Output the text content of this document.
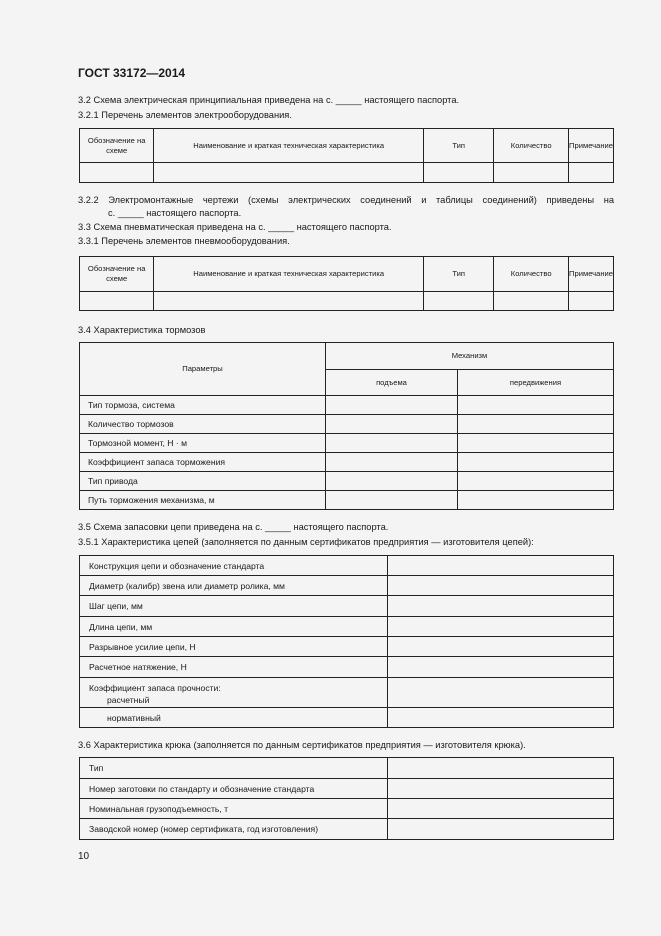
ГОСТ 33172—2014
3.2 Схема электрическая принципиальная приведена на с. _____ настоящего паспорта.
3.2.1 Перечень элементов электрооборудования.
Обозначение на схеме	Наименование и краткая техническая характеристика	Тип	Количество	Примечание

3.2.2 Электромонтажные чертежи (схемы электрических соединений и таблицы соединений) приведены на
с. _____ настоящего паспорта.
3.3 Схема пневматическая приведена на с. _____ настоящего паспорта.
3.3.1 Перечень элементов пневмооборудования.
Обозначение на схеме	Наименование и краткая техническая характеристика	Тип	Количество	Примечание

3.4 Характеристика тормозов
Параметры	Механизм	
	подъема	передвижения
Тип тормоза, система		
Количество тормозов		
Тормозной момент, Н · м		
Коэффициент запаса торможения		
Тип привода		
Путь торможения механизма, м		
3.5 Схема запасовки цепи приведена на с. _____ настоящего паспорта.
3.5.1 Характеристика цепей (заполняется по данным сертификатов предприятия — изготовителя цепей):
Конструкция цепи и обозначение стандарта	
Диаметр (калибр) звена или диаметр ролика, мм	
Шаг цепи, мм	
Длина цепи, мм	
Разрывное усилие цепи, Н	
Расчетное натяжение, Н	

Коэффициент запаса прочности:
расчетный	

нормативный	
3.6 Характеристика крюка (заполняется по данным сертификатов предприятия — изготовителя крюка).
Тип	
Номер заготовки по стандарту и обозначение стандарта	
Номинальная грузоподъемность, т	
Заводской номер (номер сертификата, год изготовления)	
10
